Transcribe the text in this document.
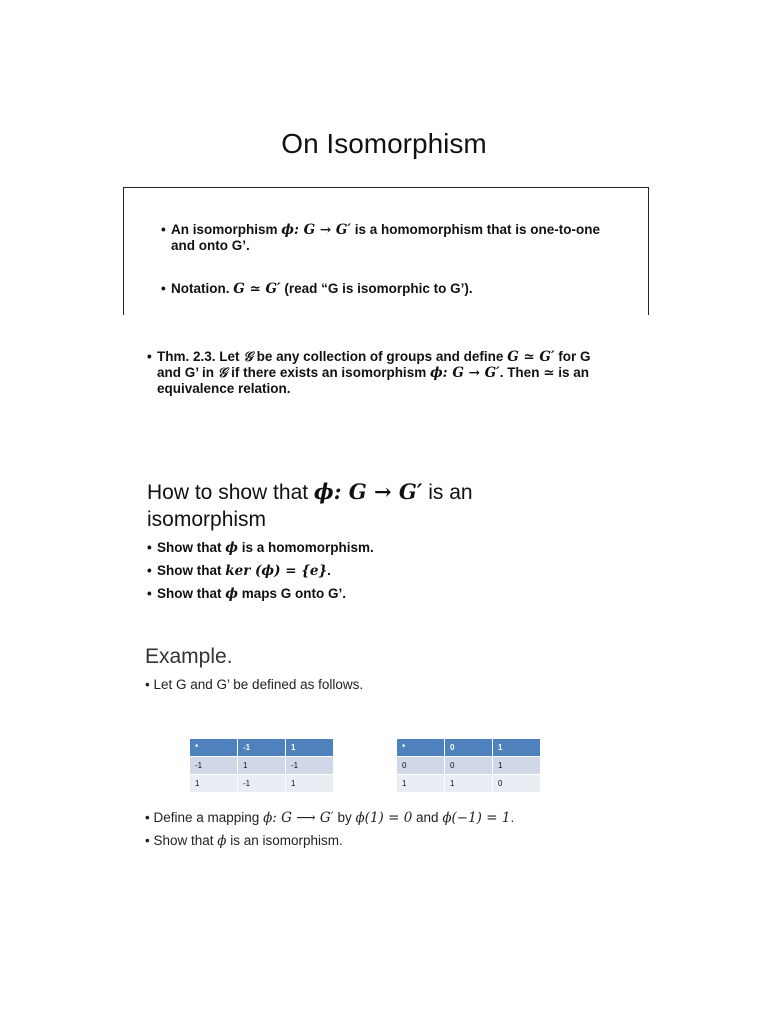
On Isomorphism
• An isomorphism ϕ: G → G′ is a homomorphism that is one-to-one
and onto G’.
• Notation. G ≃ G′ (read “G is isomorphic to G’).
• Thm. 2.3. Let 𝒢 be any collection of groups and define G ≃ G′ for G
and G’ in 𝒢 if there exists an isomorphism ϕ: G → G′. Then ≃ is an
equivalence relation.
How to show that ϕ: G → G′ is an
isomorphism
• Show that ϕ is a homomorphism.
• Show that ker (ϕ) = {e}.
• Show that ϕ maps G onto G’.
Example.
• Let G and G’ be defined as follows.
*	-1	1
-1	1	-1
1	-1	1
*	0	1
0	0	1
1	1	0
• Define a mapping ϕ: G ⟶ G′ by ϕ(1) = 0 and ϕ(−1) = 1.
• Show that ϕ is an isomorphism.
